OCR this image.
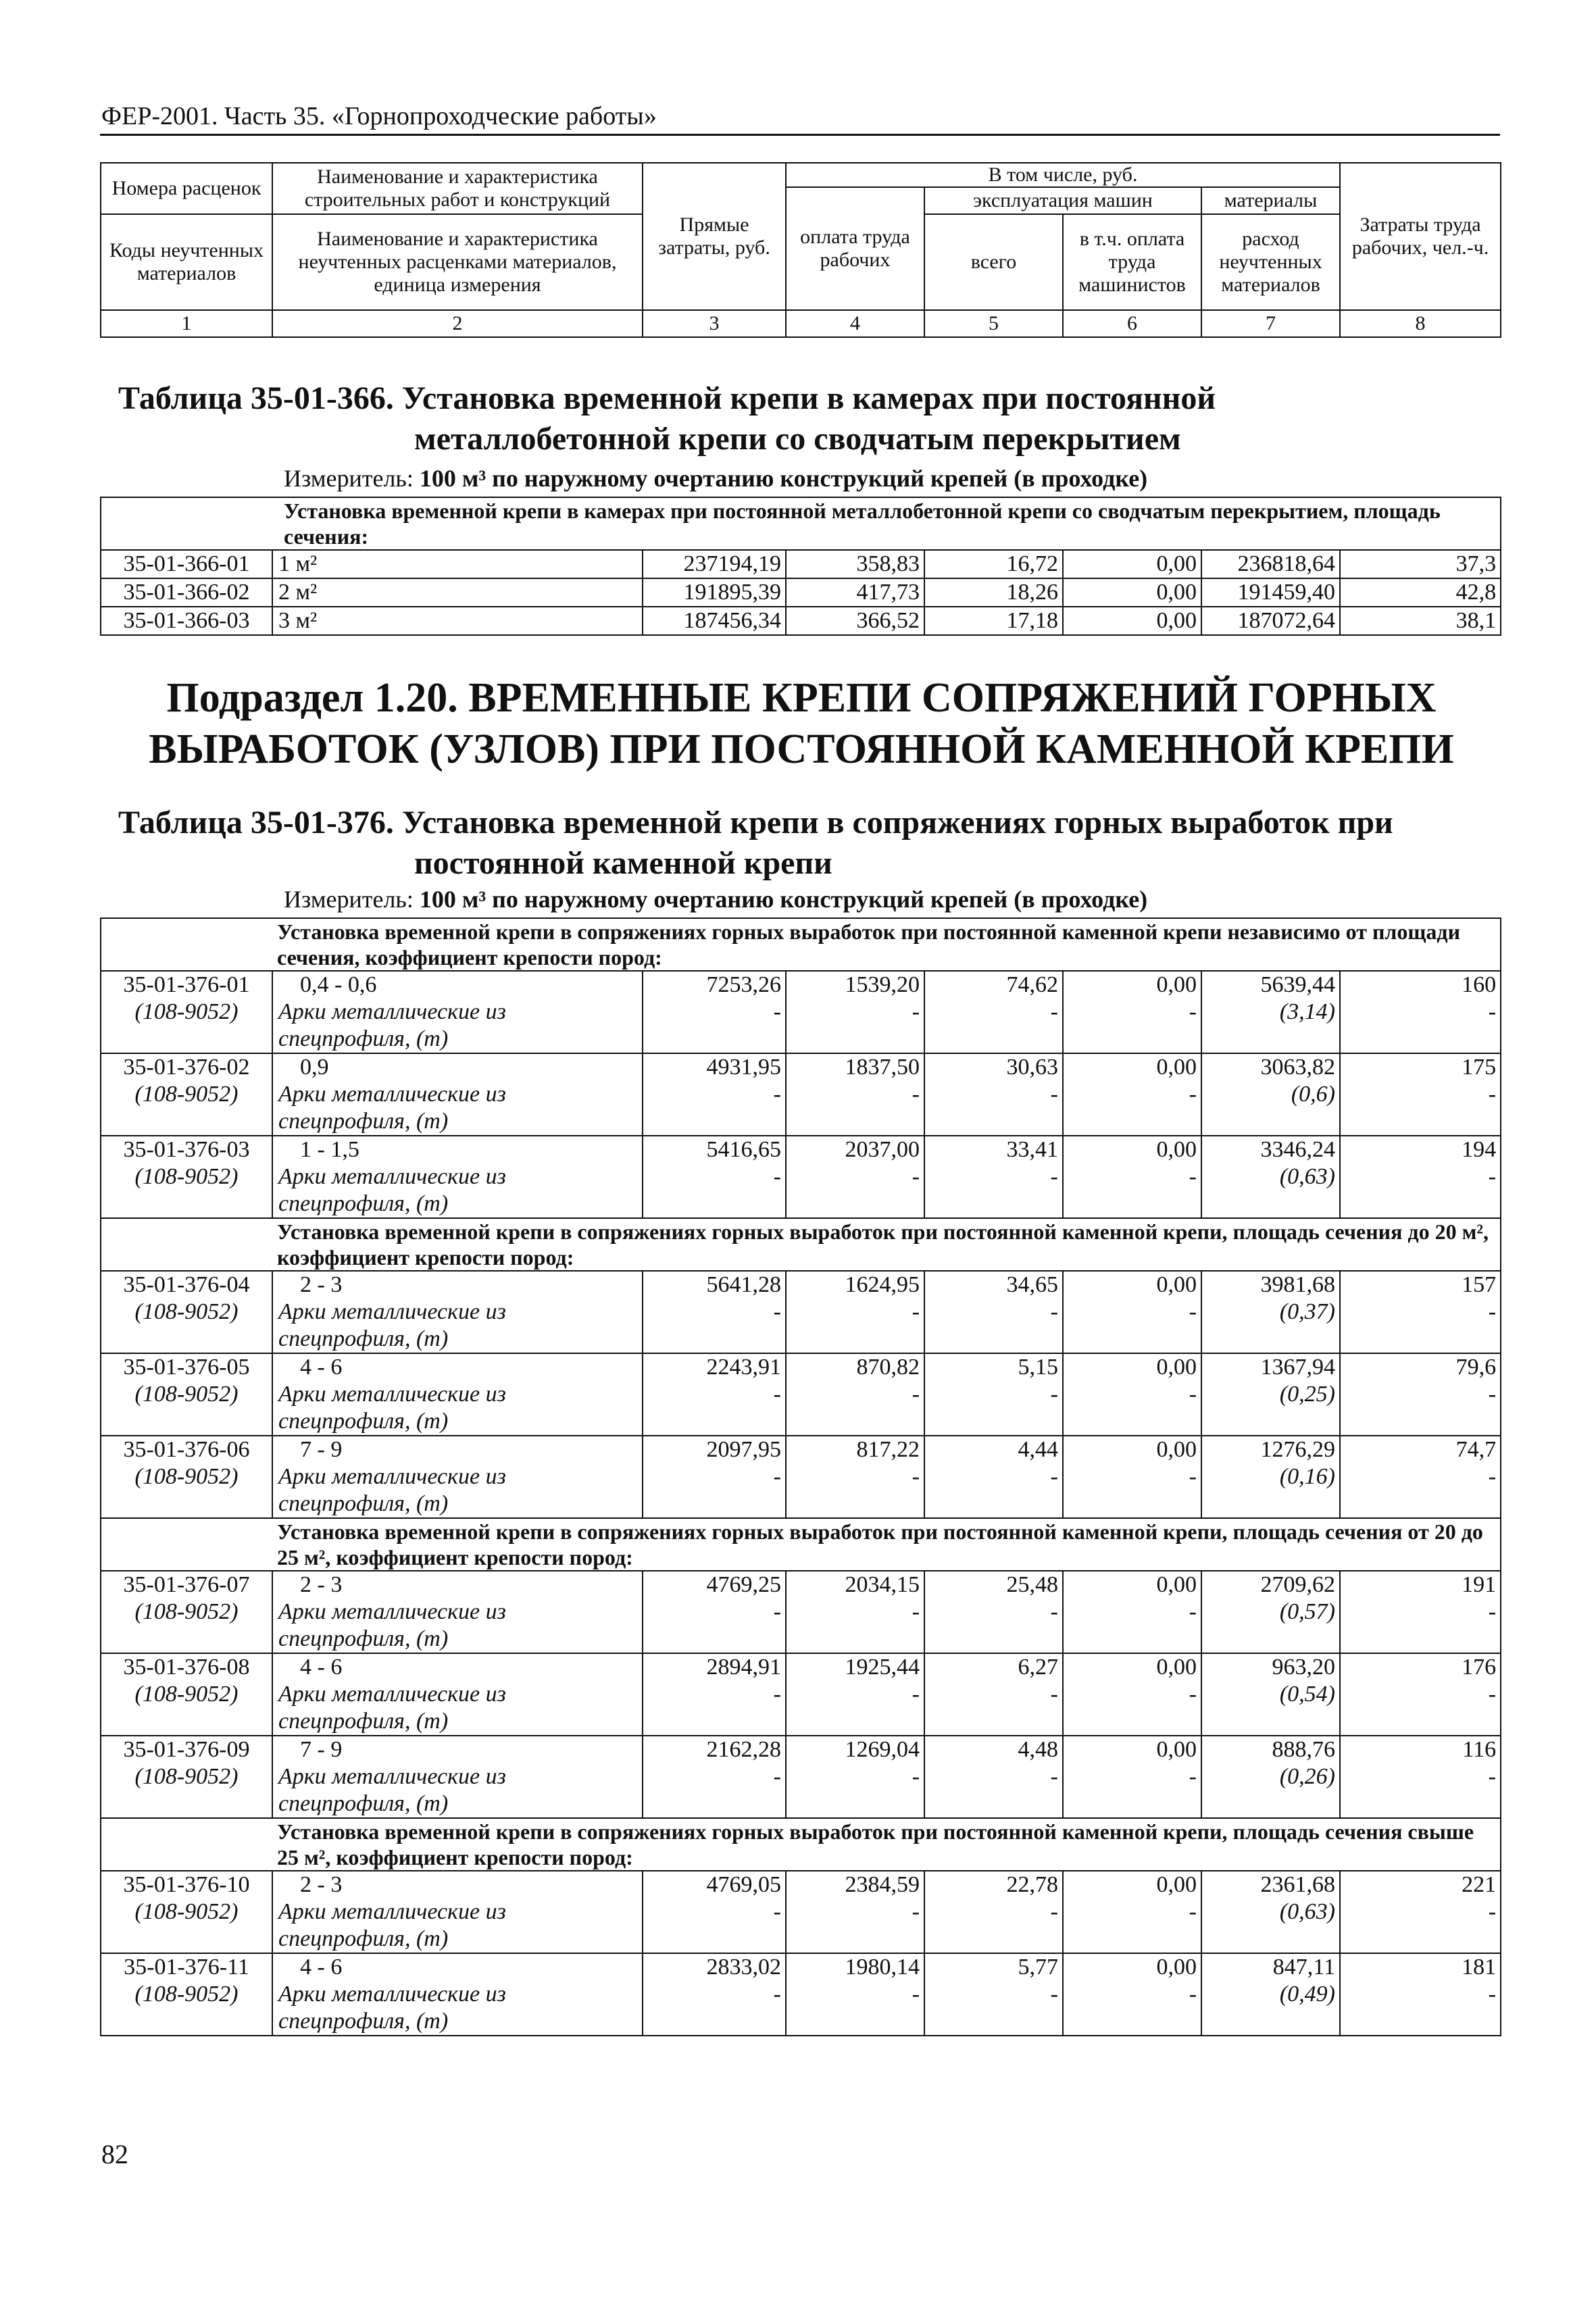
ФЕР-2001. Часть 35. «Горнопроходческие работы»
Номера расценок	Наименование и характеристика строительных работ и конструкций	Прямые затраты, руб.	В том числе, руб.				Затраты труда рабочих, чел.-ч.
			оплата труда рабочих	эксплуатация машин		материалы	
Коды неучтенных материалов	Наименование и характеристика неучтенных расценками материалов, единица измерения			всего	в т.ч. оплата труда машинистов	расход неучтенных материалов	

1	2	3	4	5	6	7	8
Таблица 35-01-366. Установка временной крепи в камерах при постоянной
металлобетонной крепи со сводчатым перекрытием
Измеритель: 100 м³ по наружному очертанию конструкций крепей (в проходке)
Установка временной крепи в камерах при постоянной металлобетонной крепи со сводчатым перекрытием, площадь сечения:							
35-01-366-01	1 м²	237194,19	358,83	16,72	0,00	236818,64	37,3
35-01-366-02	2 м²	191895,39	417,73	18,26	0,00	191459,40	42,8
35-01-366-03	3 м²	187456,34	366,52	17,18	0,00	187072,64	38,1
Подраздел 1.20. ВРЕМЕННЫЕ КРЕПИ СОПРЯЖЕНИЙ ГОРНЫХ
ВЫРАБОТОК (УЗЛОВ) ПРИ ПОСТОЯННОЙ КАМЕННОЙ КРЕПИ
Таблица 35-01-376. Установка временной крепи в сопряжениях горных выработок при
постоянной каменной крепи
Измеритель: 100 м³ по наружному очертанию конструкций крепей (в проходке)
Установка временной крепи в сопряжениях горных выработок при постоянной каменной крепи независимо от площади сечения, коэффициент крепости пород:							
35-01-376-01	0,4 - 0,6	7253,26	1539,20	74,62	0,00	5639,44	160
(108-9052)	Арки металлические из	-	-	-	-	(3,14)	-
	спецпрофиля, (т)						
35-01-376-02	0,9	4931,95	1837,50	30,63	0,00	3063,82	175
(108-9052)	Арки металлические из	-	-	-	-	(0,6)	-
	спецпрофиля, (т)						
35-01-376-03	1 - 1,5	5416,65	2037,00	33,41	0,00	3346,24	194
(108-9052)	Арки металлические из	-	-	-	-	(0,63)	-
	спецпрофиля, (т)						
Установка временной крепи в сопряжениях горных выработок при постоянной каменной крепи, площадь сечения до 20 м², коэффициент крепости пород:							
35-01-376-04	2 - 3	5641,28	1624,95	34,65	0,00	3981,68	157
(108-9052)	Арки металлические из	-	-	-	-	(0,37)	-
	спецпрофиля, (т)						
35-01-376-05	4 - 6	2243,91	870,82	5,15	0,00	1367,94	79,6
(108-9052)	Арки металлические из	-	-	-	-	(0,25)	-
	спецпрофиля, (т)						
35-01-376-06	7 - 9	2097,95	817,22	4,44	0,00	1276,29	74,7
(108-9052)	Арки металлические из	-	-	-	-	(0,16)	-
	спецпрофиля, (т)						
Установка временной крепи в сопряжениях горных выработок при постоянной каменной крепи, площадь сечения от 20 до 25 м², коэффициент крепости пород:							
35-01-376-07	2 - 3	4769,25	2034,15	25,48	0,00	2709,62	191
(108-9052)	Арки металлические из	-	-	-	-	(0,57)	-
	спецпрофиля, (т)						
35-01-376-08	4 - 6	2894,91	1925,44	6,27	0,00	963,20	176
(108-9052)	Арки металлические из	-	-	-	-	(0,54)	-
	спецпрофиля, (т)						
35-01-376-09	7 - 9	2162,28	1269,04	4,48	0,00	888,76	116
(108-9052)	Арки металлические из	-	-	-	-	(0,26)	-
	спецпрофиля, (т)						
Установка временной крепи в сопряжениях горных выработок при постоянной каменной крепи, площадь сечения свыше 25 м², коэффициент крепости пород:							
35-01-376-10	2 - 3	4769,05	2384,59	22,78	0,00	2361,68	221
(108-9052)	Арки металлические из	-	-	-	-	(0,63)	-
	спецпрофиля, (т)						
35-01-376-11	4 - 6	2833,02	1980,14	5,77	0,00	847,11	181
(108-9052)	Арки металлические из	-	-	-	-	(0,49)	-
	спецпрофиля, (т)						
82
